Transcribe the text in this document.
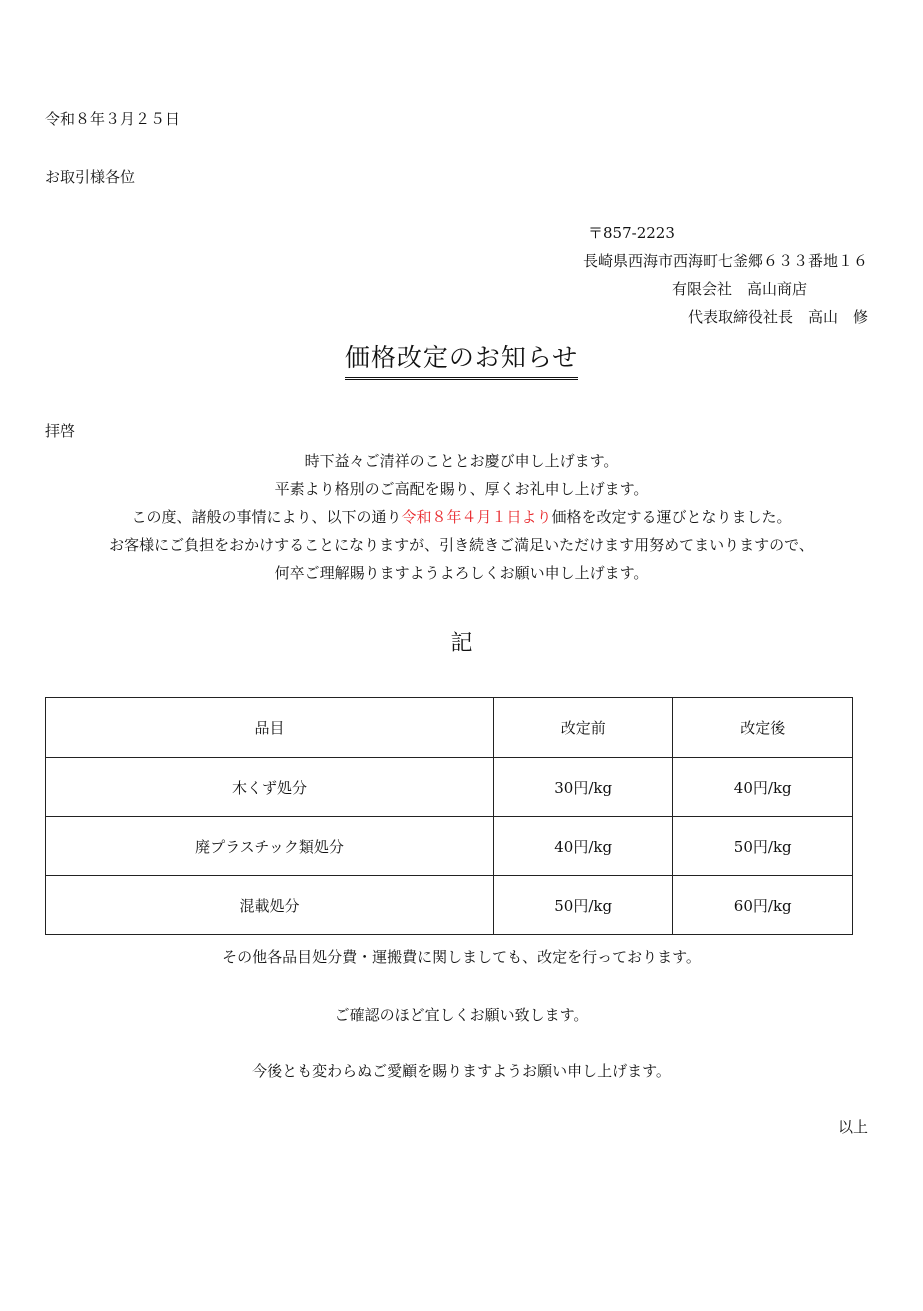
令和８年３月２５日
お取引様各位
〒857-2223
長崎県西海市西海町七釜郷６３３番地１６
有限会社　高山商店
代表取締役社長　高山　修
価格改定のお知らせ
拝啓
時下益々ご清祥のこととお慶び申し上げます。
平素より格別のご高配を賜り、厚くお礼申し上げます。
この度、諸般の事情により、以下の通り令和８年４月１日より価格を改定する運びとなりました。
お客様にご負担をおかけすることになりますが、引き続きご満足いただけます用努めてまいりますので、
何卒ご理解賜りますようよろしくお願い申し上げます。
記
品目	改定前	改定後
木くず処分	30円/kg	40円/kg
廃プラスチック類処分	40円/kg	50円/kg
混載処分	50円/kg	60円/kg
その他各品目処分費・運搬費に関しましても、改定を行っております。
ご確認のほど宜しくお願い致します。
今後とも変わらぬご愛顧を賜りますようお願い申し上げます。
以上
